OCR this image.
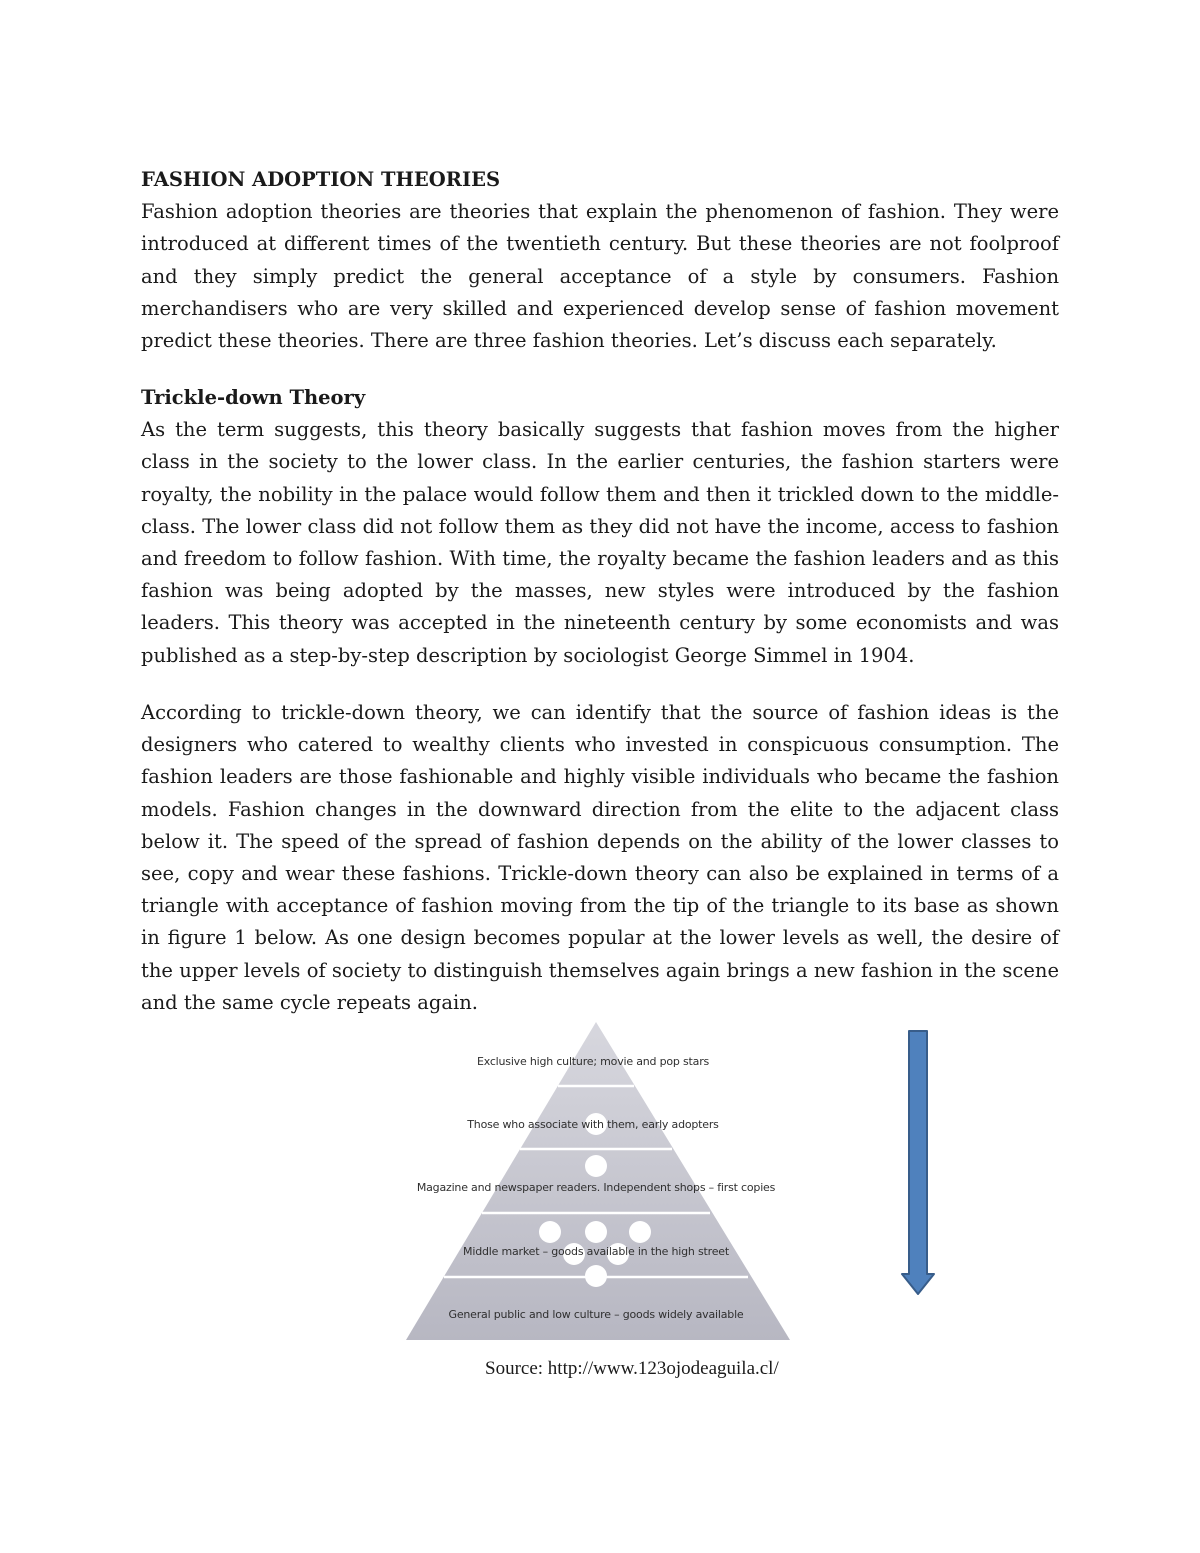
FASHION ADOPTION THEORIES

Fashion adoption theories are theories that explain the phenomenon of fashion. They were introduced at different times of the twentieth century. But these theories are not foolproof and they simply predict the general acceptance of a style by consumers. Fashion merchandisers who are very skilled and experienced develop sense of fashion movement predict these theories. There are three fashion theories. Let’s discuss each separately.

Trickle-down Theory

As the term suggests, this theory basically suggests that fashion moves from the higher class in the society to the lower class. In the earlier centuries, the fashion starters were royalty, the nobility in the palace would follow them and then it trickled down to the middle-class. The lower class did not follow them as they did not have the income, access to fashion and freedom to follow fashion. With time, the royalty became the fashion leaders and as this fashion was being adopted by the masses, new styles were introduced by the fashion leaders. This theory was accepted in the nineteenth century by some economists and was published as a step-by-step description by sociologist George Simmel in 1904.

According to trickle-down theory, we can identify that the source of fashion ideas is the designers who catered to wealthy clients who invested in conspicuous consumption. The fashion leaders are those fashionable and highly visible individuals who became the fashion models. Fashion changes in the downward direction from the elite to the adjacent class below it. The speed of the spread of fashion depends on the ability of the lower classes to see, copy and wear these fashions. Trickle-down theory can also be explained in terms of a triangle with acceptance of fashion moving from the tip of the triangle to its base as shown in figure 1 below. As one design becomes popular at the lower levels as well, the desire of the upper levels of society to distinguish themselves again brings a new fashion in the scene and the same cycle repeats again.

Exclusive high culture; movie and pop stars
Those who associate with them, early adopters
Magazine and newspaper readers. Independent shops – first copies
Middle market – goods available in the high street
General public and low culture – goods widely available
Source: http://www.123ojodeaguila.cl/
